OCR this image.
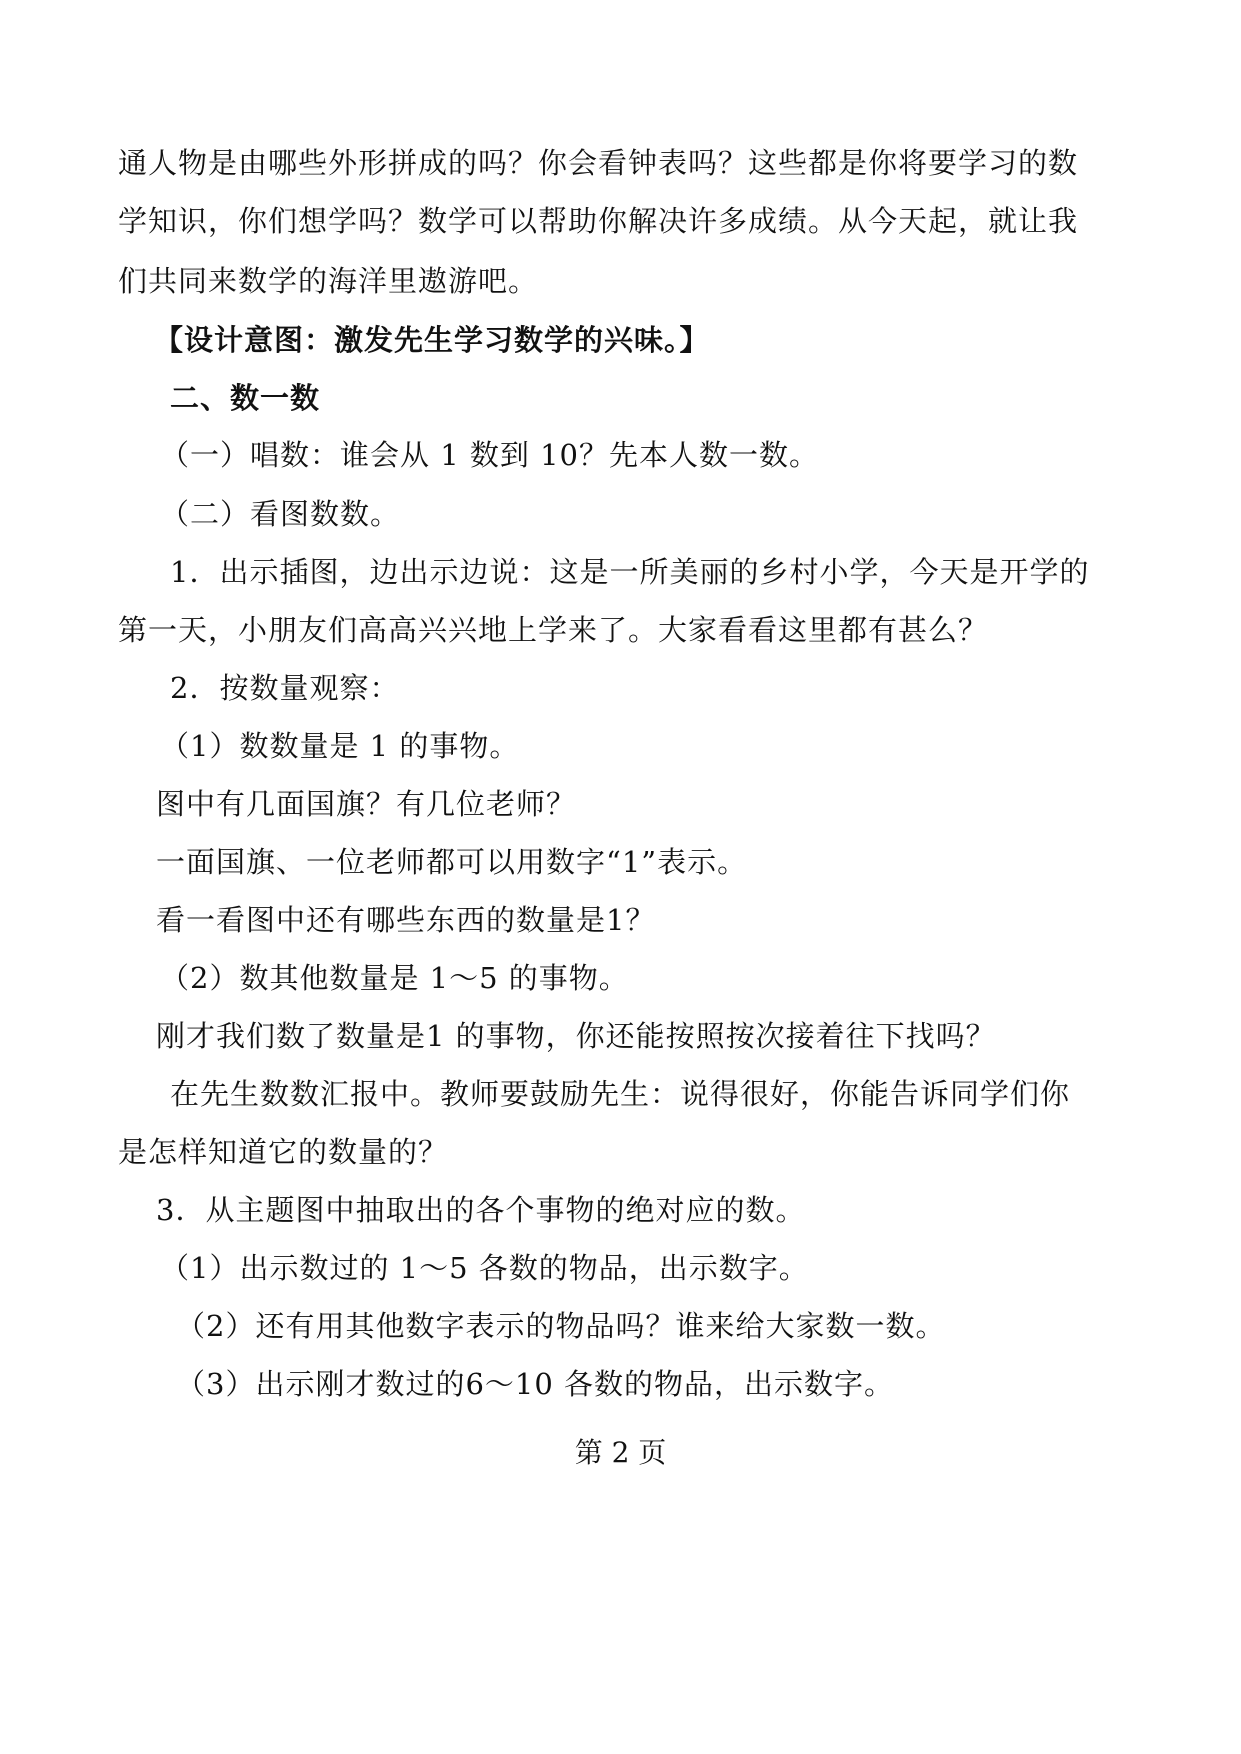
通人物是由哪些外形拼成的吗？你会看钟表吗？这些都是你将要学习的数
学知识，你们想学吗？数学可以帮助你解决许多成绩。从今天起，就让我
们共同来数学的海洋里遨游吧。
【设计意图：激发先生学习数学的兴味。】
二、数一数
（一）唱数：谁会从 1 数到 10？先本人数一数。
（二）看图数数。
1．出示插图，边出示边说：这是一所美丽的乡村小学，今天是开学的
第一天，小朋友们高高兴兴地上学来了。大家看看这里都有甚么？
2．按数量观察：
（1）数数量是 1 的事物。
图中有几面国旗？有几位老师？
一面国旗、一位老师都可以用数字“1”表示。
看一看图中还有哪些东西的数量是1？
（2）数其他数量是 1～5 的事物。
刚才我们数了数量是1 的事物，你还能按照按次接着往下找吗？
在先生数数汇报中。教师要鼓励先生：说得很好，你能告诉同学们你
是怎样知道它的数量的？
3．从主题图中抽取出的各个事物的绝对应的数。
（1）出示数过的 1～5 各数的物品，出示数字。
（2）还有用其他数字表示的物品吗？谁来给大家数一数。
（3）出示刚才数过的6～10 各数的物品，出示数字。
第 2 页
